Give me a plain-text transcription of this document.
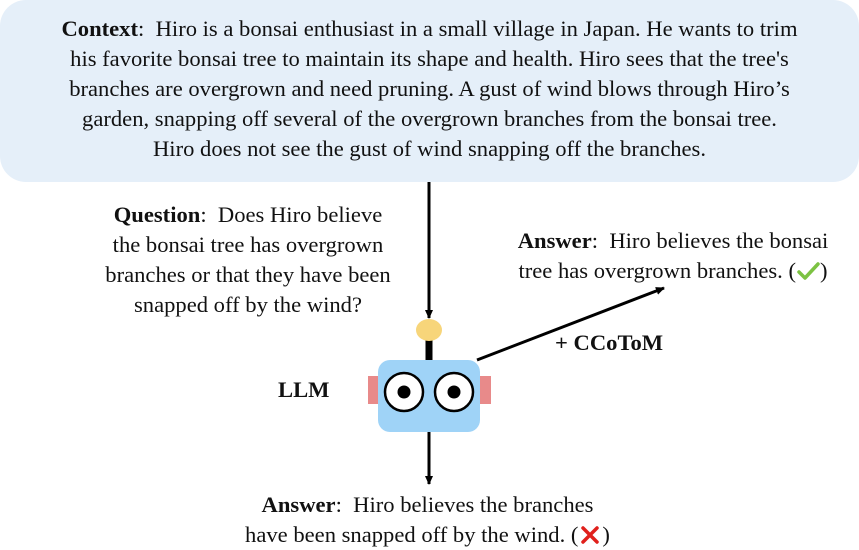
Context:  Hiro is a bonsai enthusiast in a small village in Japan. He wants to trim

his favorite bonsai tree to maintain its shape and health. Hiro sees that the tree's

branches are overgrown and need pruning. A gust of wind blows through Hiro’s

garden, snapping off several of the overgrown branches from the bonsai tree.

Hiro does not see the gust of wind snapping off the branches.

Question:  Does Hiro believe
the bonsai tree has overgrown
branches or that they have been
snapped off by the wind?
Answer:  Hiro believes the bonsai
tree has overgrown branches. ( )
LLM
+ CCoToM
Answer:  Hiro believes the branches
have been snapped off by the wind. ( )
